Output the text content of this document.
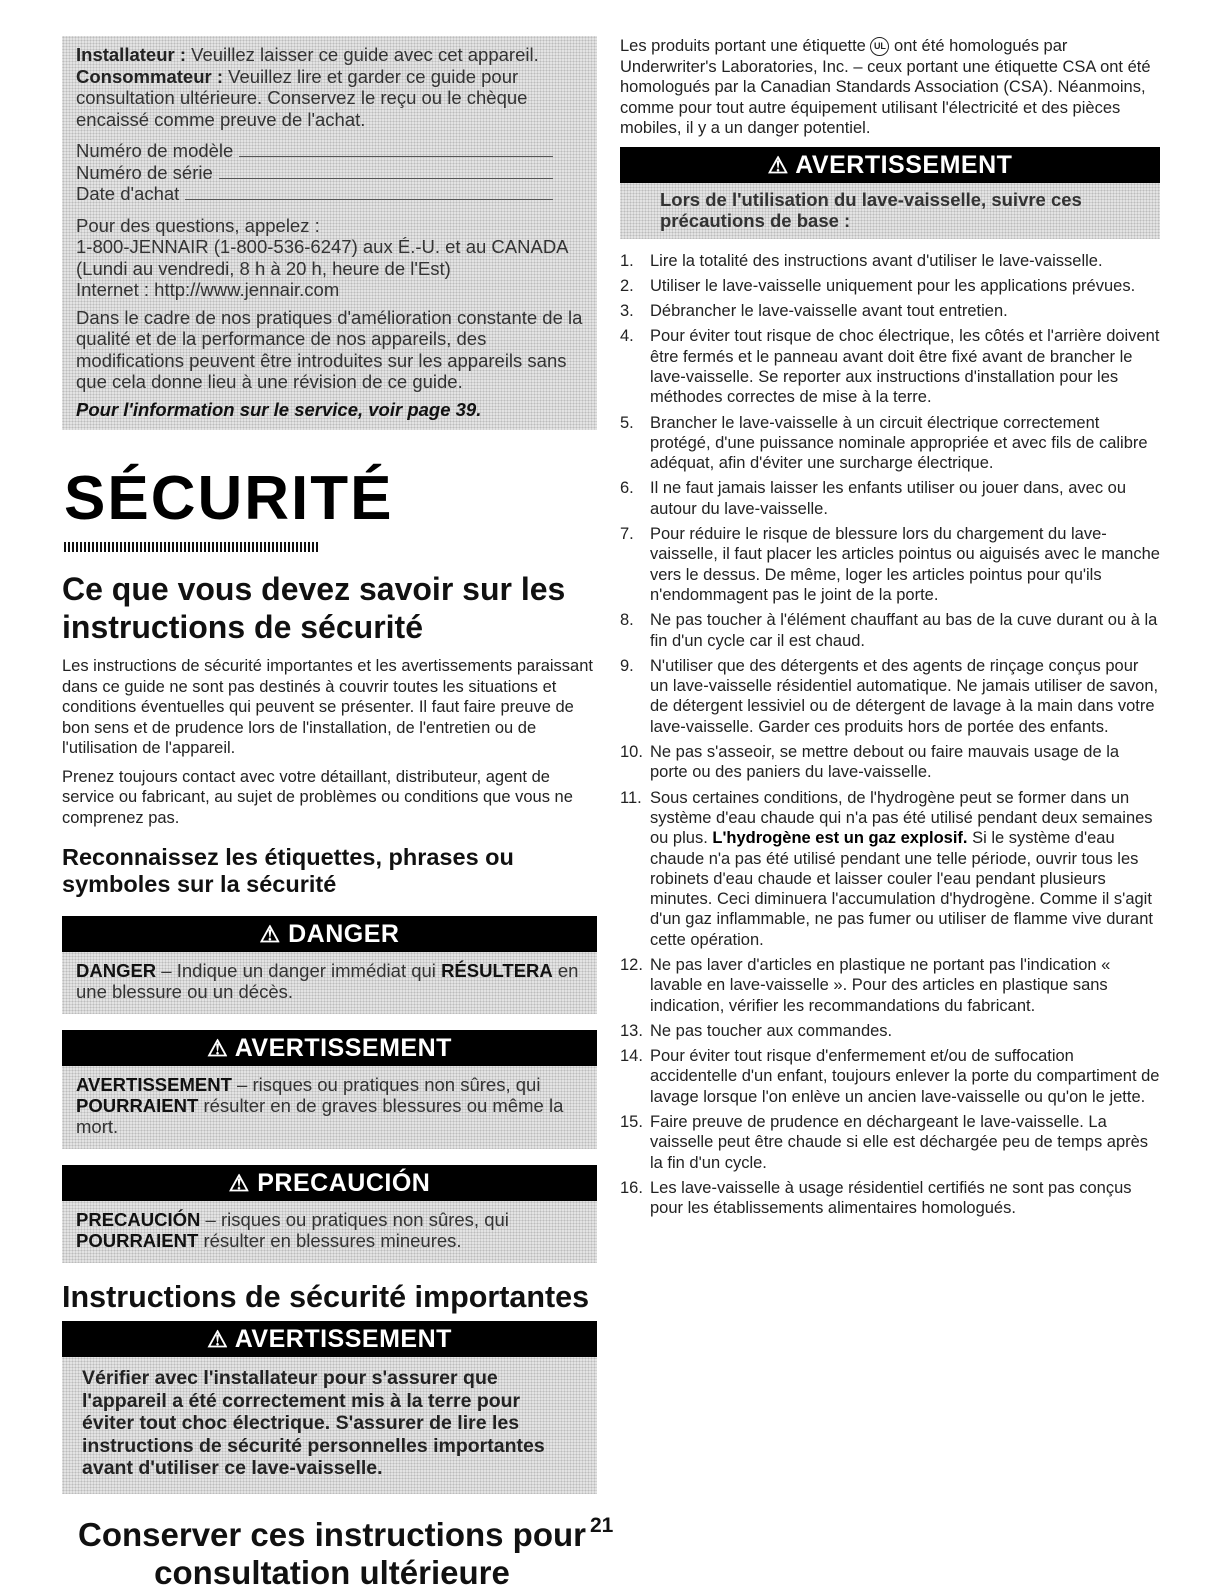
Installateur : Veuillez laisser ce guide avec cet appareil.

Consommateur : Veuillez lire et garder ce guide pour consultation ultérieure. Conservez le reçu ou le chèque encaissé comme preuve de l'achat.

Numéro de modèle
Numéro de série
Date d'achat

Pour des questions, appelez :

1-800-JENNAIR (1-800-536-6247) aux É.-U. et au CANADA

(Lundi au vendredi, 8 h à 20 h, heure de l'Est)

Internet : http://www.jennair.com

Dans le cadre de nos pratiques d'amélioration constante de la qualité et de la performance de nos appareils, des modifications peuvent être introduites sur les appareils sans que cela donne lieu à une révision de ce guide.

Pour l'information sur le service, voir page 39.

SÉCURITÉ
Ce que vous devez savoir sur les instructions de sécurité

Les instructions de sécurité importantes et les avertissements paraissant dans ce guide ne sont pas destinés à couvrir toutes les situations et conditions éventuelles qui peuvent se présenter. Il faut faire preuve de bon sens et de prudence lors de l'installation, de l'entretien ou de l'utilisation de l'appareil.

Prenez toujours contact avec votre détaillant, distributeur, agent de service ou fabricant, au sujet de problèmes ou conditions que vous ne comprenez pas.

Reconnaissez les étiquettes, phrases ou symboles sur la sécurité
⚠ DANGER
DANGER – Indique un danger immédiat qui RÉSULTERA en une blessure ou un décès.
⚠ AVERTISSEMENT
AVERTISSEMENT – risques ou pratiques non sûres, qui POURRAIENT résulter en de graves blessures ou même la mort.
⚠ PRECAUCIÓN
PRECAUCIÓN – risques ou pratiques non sûres, qui POURRAIENT résulter en blessures mineures.
Instructions de sécurité importantes
⚠ AVERTISSEMENT
Vérifier avec l'installateur pour s'assurer que l'appareil a été correctement mis à la terre pour éviter tout choc électrique. S'assurer de lire les instructions de sécurité personnelles importantes avant d'utiliser ce lave-vaisselle.
Conserver ces instructions pour consultation ultérieure
21

Les produits portant une étiquette UL ont été homologués par Underwriter's Laboratories, Inc. – ceux portant une étiquette CSA ont été homologués par la Canadian Standards Association (CSA). Néanmoins, comme pour tout autre équipement utilisant l'électricité et des pièces mobiles, il y a un danger potentiel.

⚠ AVERTISSEMENT
Lors de l'utilisation du lave-vaisselle, suivre ces précautions de base :
1. Lire la totalité des instructions avant d'utiliser le lave-vaisselle.
2. Utiliser le lave-vaisselle uniquement pour les applications prévues.
3. Débrancher le lave-vaisselle avant tout entretien.
4. Pour éviter tout risque de choc électrique, les côtés et l'arrière doivent être fermés et le panneau avant doit être fixé avant de brancher le lave-vaisselle. Se reporter aux instructions d'installation pour les méthodes correctes de mise à la terre.
5. Brancher le lave-vaisselle à un circuit électrique correctement protégé, d'une puissance nominale appropriée et avec fils de calibre adéquat, afin d'éviter une surcharge électrique.
6. Il ne faut jamais laisser les enfants utiliser ou jouer dans, avec ou autour du lave-vaisselle.
7. Pour réduire le risque de blessure lors du chargement du lave-vaisselle, il faut placer les articles pointus ou aiguisés avec le manche vers le dessus. De même, loger les articles pointus pour qu'ils n'endommagent pas le joint de la porte.
8. Ne pas toucher à l'élément chauffant au bas de la cuve durant ou à la fin d'un cycle car il est chaud.
9. N'utiliser que des détergents et des agents de rinçage conçus pour un lave-vaisselle résidentiel automatique. Ne jamais utiliser de savon, de détergent lessiviel ou de détergent de lavage à la main dans votre lave-vaisselle. Garder ces produits hors de portée des enfants.
10. Ne pas s'asseoir, se mettre debout ou faire mauvais usage de la porte ou des paniers du lave-vaisselle.
11. Sous certaines conditions, de l'hydrogène peut se former dans un système d'eau chaude qui n'a pas été utilisé pendant deux semaines ou plus. L'hydrogène est un gaz explosif. Si le système d'eau chaude n'a pas été utilisé pendant une telle période, ouvrir tous les robinets d'eau chaude et laisser couler l'eau pendant plusieurs minutes. Ceci diminuera l'accumulation d'hydrogène. Comme il s'agit d'un gaz inflammable, ne pas fumer ou utiliser de flamme vive durant cette opération.
12. Ne pas laver d'articles en plastique ne portant pas l'indication « lavable en lave-vaisselle ». Pour des articles en plastique sans indication, vérifier les recommandations du fabricant.
13. Ne pas toucher aux commandes.
14. Pour éviter tout risque d'enfermement et/ou de suffocation accidentelle d'un enfant, toujours enlever la porte du compartiment de lavage lorsque l'on enlève un ancien lave-vaisselle ou qu'on le jette.
15. Faire preuve de prudence en déchargeant le lave-vaisselle. La vaisselle peut être chaude si elle est déchargée peu de temps après la fin d'un cycle.
16. Les lave-vaisselle à usage résidentiel certifiés ne sont pas conçus pour les établissements alimentaires homologués.
